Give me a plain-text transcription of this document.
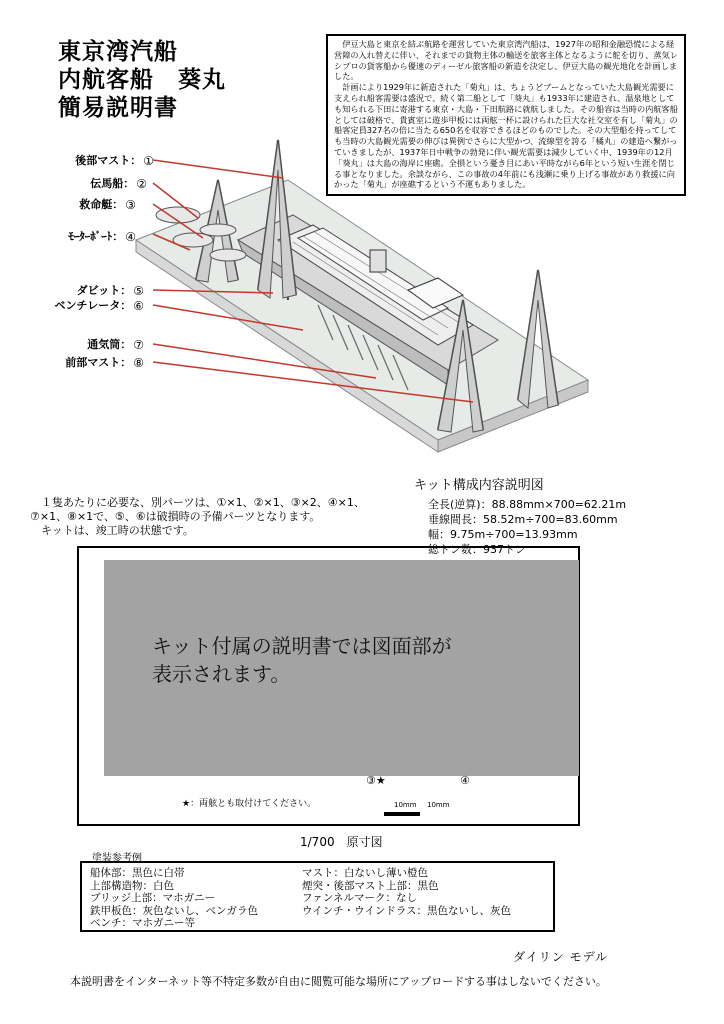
東京湾汽船
内航客船　葵丸
簡易説明書

伊豆大島と東京を結ぶ航路を運営していた東京湾汽船は、1927年の昭和金融恐慌による経営障の入れ替えに伴い、それまでの貨物主体の輸送を旅客主体となるように舵を切り、蒸気レシプロの貨客船から優速のディーゼル旅客船の新造を決定し、伊豆大島の観光地化を計画しました。

計画により1929年に新造された「菊丸」は、ちょうどブームとなっていた大島観光需要に支えられ船客需要は盛況で、続く第二船として「葵丸」も1933年に建造され、温泉地としても知られる下田に寄港する東京・大島・下田航路に就航しました。その船容は当時の内航客船としては破格で、貴賓室に遊歩甲板には両舷一杯に設けられた巨大な社交室を有し「菊丸」の船客定員327名の倍に当たる650名を収容できるほどのものでした。その大型船を持ってしても当時の大島観光需要の伸びは異例でさらに大型かつ、流線型を誇る「橘丸」の建造へ繋がっていきましたが、1937年日中戦争の勃発に伴い観光需要は減少していく中、1939年の12月「葵丸」は大島の海岸に座礁。全損という憂き目にあい平時ながら6年という短い生涯を閉じる事となりました。余談ながら、この事故の4年前にも浅瀬に乗り上げる事故があり救援に向かった「菊丸」が座礁するという不運もありました。

後部マスト： ①
伝馬船： ②
救命艇： ③
ﾓｰﾀｰﾎﾞｰﾄ： ④
ダビット： ⑤
ベンチレータ： ⑥
通気筒： ⑦
前部マスト： ⑧
キット構成内容説明図
全長(逆算)：88.88mm×700=62.21m
垂線間長：58.52m÷700=83.60mm
幅：9.75m÷700=13.93mm
総トン数：937トン

１隻あたりに必要な、別パーツは、①×1、②×1、③×2、④×1、⑦×1、⑧×1で、⑤、⑥は破損時の予備パーツとなります。

キットは、竣工時の状態です。

キット付属の説明書では図面部が
表示されます。
③★	④
★：両舷とも取付けてください。	10mm 10mm
1/700　原寸図
塗装参考例
船体部：黒色に白帯
上部構造物：白色
ブリッジ上部：マホガニー
鉄甲板色：灰色ないし、ベンガラ色
ベンチ：マホガニー等
マスト：白ないし薄い橙色
煙突・後部マスト上部：黒色
ファンネルマーク：なし
ウインチ・ウインドラス：黒色ないし、灰色
ダイリン モデル
本説明書をインターネット等不特定多数が自由に閲覧可能な場所にアップロードする事はしないでください。
